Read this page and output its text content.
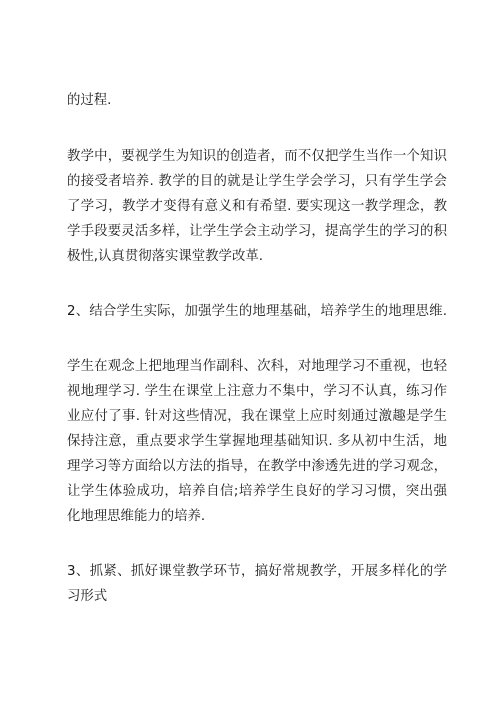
的过程.
教学中，要视学生为知识的创造者，而不仅把学生当作一个知识
的接受者培养. 教学的目的就是让学生学会学习，只有学生学会
了学习，教学才变得有意义和有希望. 要实现这一教学理念，教
学手段要灵活多样，让学生学会主动学习，提高学生的学习的积
极性,认真贯彻落实课堂教学改革.
2、结合学生实际，加强学生的地理基础，培养学生的地理思维.
学生在观念上把地理当作副科、次科，对地理学习不重视，也轻
视地理学习. 学生在课堂上注意力不集中，学习不认真，练习作
业应付了事. 针对这些情况，我在课堂上应时刻通过激趣是学生
保持注意，重点要求学生掌握地理基础知识. 多从初中生活，地
理学习等方面给以方法的指导，在教学中渗透先进的学习观念，
让学生体验成功，培养自信;培养学生良好的学习习惯，突出强
化地理思维能力的培养.
3、抓紧、抓好课堂教学环节，搞好常规教学，开展多样化的学
习形式
